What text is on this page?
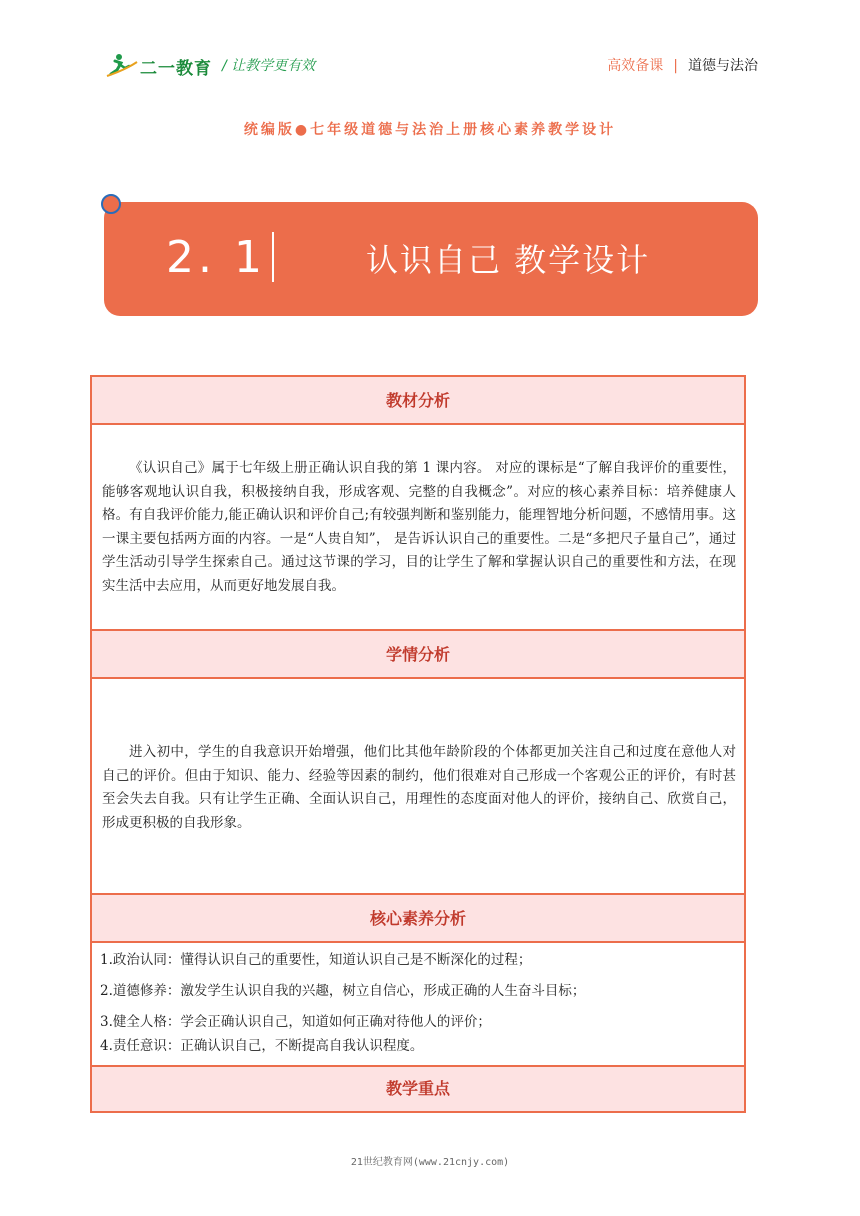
二一教育 / 让教学更有效	高效备课 | 道德与法治
统编版●七年级道德与法治上册核心素养教学设计
2. 1	认识自己 教学设计
教材分析

《认识自己》属于七年级上册正确认识自我的第 1 课内容。 对应的课标是“了解自我评价的重要性，能够客观地认识自我，积极接纳自我，形成客观、完整的自我概念”。对应的核心素养目标：培养健康人格。有自我评价能力,能正确认识和评价自己;有较强判断和鉴别能力，能理智地分析问题，不感情用事。这一课主要包括两方面的内容。一是“人贵自知”， 是告诉认识自己的重要性。二是“多把尺子量自己”，通过学生活动引导学生探索自己。通过这节课的学习，目的让学生了解和掌握认识自己的重要性和方法，在现实生活中去应用，从而更好地发展自我。

学情分析

进入初中，学生的自我意识开始增强，他们比其他年龄阶段的个体都更加关注自己和过度在意他人对自己的评价。但由于知识、能力、经验等因素的制约，他们很难对自己形成一个客观公正的评价，有时甚至会失去自我。只有让学生正确、全面认识自己，用理性的态度面对他人的评价，接纳自己、欣赏自己，形成更积极的自我形象。

核心素养分析
1.政治认同：懂得认识自己的重要性，知道认识自己是不断深化的过程；
2.道德修养：激发学生认识自我的兴趣，树立自信心，形成正确的人生奋斗目标；
3.健全人格：学会正确认识自己，知道如何正确对待他人的评价；
4.责任意识：正确认识自己，不断提高自我认识程度。
教学重点
21世纪教育网(www.21cnjy.com)
